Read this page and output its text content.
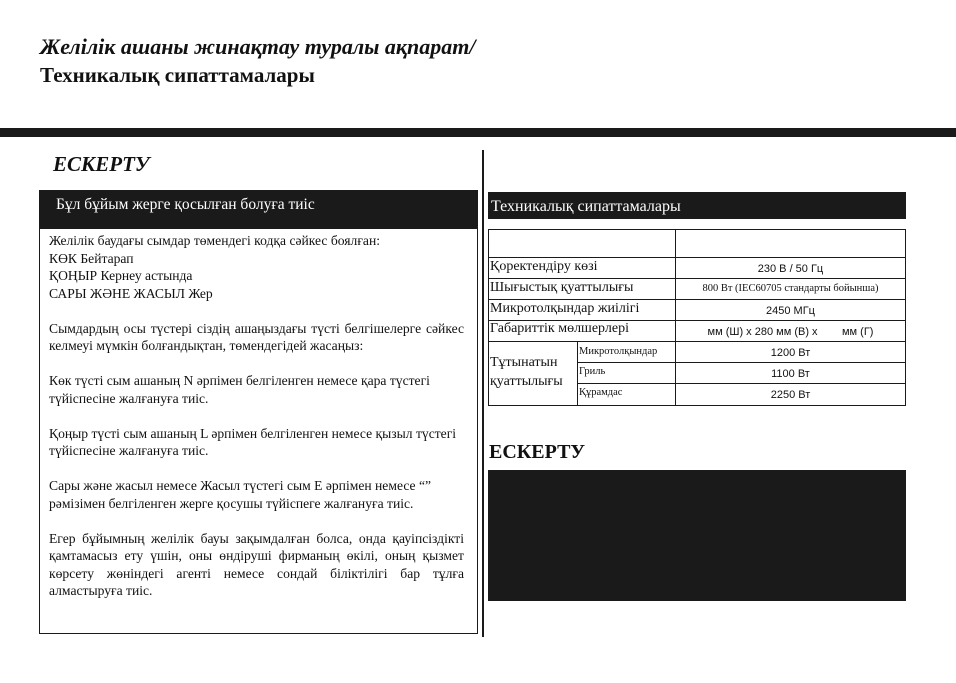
Желілік ашаны жинақтау туралы ақпарат/
Техникалық сипаттамалары
ЕСКЕРТУ
Бұл бұйым жерге қосылған болуға тиіс

Желілік баудағы сымдар төмендегі кодқа сәйкес боялған:

КӨК Бейтарап

ҚОҢЫР Кернеу астында

САРЫ ЖӘНЕ ЖАСЫЛ Жер

Сымдардың осы түстері сіздің ашаңыздағы түсті белгішелерге сәйкес келмеуі мүмкін болғандықтан, төмендегідей жасаңыз:

Көк түсті сым ашаның N әрпімен белгіленген немесе қара түстегі түйіспесіне жалғануға тиіс.

Қоңыр түсті сым ашаның L әрпімен белгіленген немесе қызыл түстегі түйіспесіне жалғануға тиіс.

Сары және жасыл немесе Жасыл түстегі сым Е әрпімен немесе “” рәмізімен белгіленген жерге қосушы түйіспеге жалғануға тиіс.

Егер бұйымның желілік бауы зақымдалған болса, онда қауіпсіздікті қамтамасыз ету үшін, оны өндіруші фирманың өкілі, оның қызмет көрсету жөніндегі агенті немесе сондай біліктілігі бар тұлға алмастыруға тиіс.

Техникалық сипаттамалары
Қоректендіру көзі	230 В / 50 Гц
Шығыстық қуаттылығы	800 Вт (IEC60705 стандарты бойынша)
Микротолқындар жиілігі	2450 МГц
Габариттік мөлшерлері	мм (Ш) x 280 мм (В) x        мм (Г)
Тұтынатын
қуаттылығы
Микротолқындар	1200 Вт
Гриль	1100 Вт
Құрамдас	2250 Вт
ЕСКЕРТУ
